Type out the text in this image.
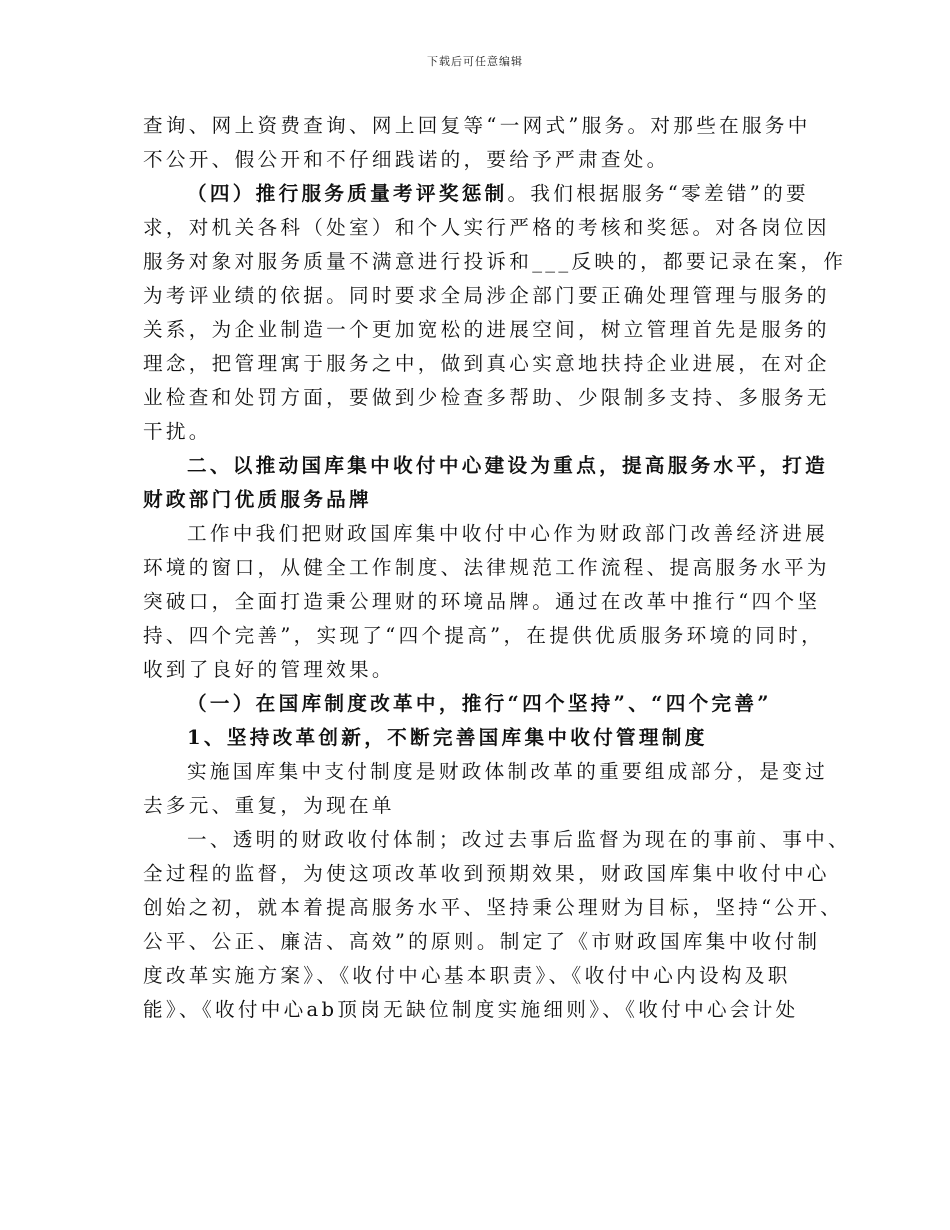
下载后可任意编辑

查询、网上资费查询、网上回复等“一网式”服务。对那些在服务中
不公开、假公开和不仔细践诺的，要给予严肃查处。

（四）推行服务质量考评奖惩制。我们根据服务“零差错”的要
求，对机关各科（处室）和个人实行严格的考核和奖惩。对各岗位因
服务对象对服务质量不满意进行投诉和___反映的，都要记录在案，作
为考评业绩的依据。同时要求全局涉企部门要正确处理管理与服务的
关系，为企业制造一个更加宽松的进展空间，树立管理首先是服务的
理念，把管理寓于服务之中，做到真心实意地扶持企业进展，在对企
业检查和处罚方面，要做到少检查多帮助、少限制多支持、多服务无
干扰。

二、以推动国库集中收付中心建设为重点，提高服务水平，打造
财政部门优质服务品牌

工作中我们把财政国库集中收付中心作为财政部门改善经济进展
环境的窗口，从健全工作制度、法律规范工作流程、提高服务水平为
突破口，全面打造秉公理财的环境品牌。通过在改革中推行“四个坚
持、四个完善”，实现了“四个提高”，在提供优质服务环境的同时，
收到了良好的管理效果。

（一）在国库制度改革中，推行“四个坚持”、“四个完善”

1、坚持改革创新，不断完善国库集中收付管理制度

实施国库集中支付制度是财政体制改革的重要组成部分，是变过
去多元、重复，为现在单

一、透明的财政收付体制；改过去事后监督为现在的事前、事中、
全过程的监督，为使这项改革收到预期效果，财政国库集中收付中心
创始之初，就本着提高服务水平、坚持秉公理财为目标，坚持“公开、
公平、公正、廉洁、高效”的原则。制定了《市财政国库集中收付制
度改革实施方案》、《收付中心基本职责》、《收付中心内设构及职
能》、《收付中心ab顶岗无缺位制度实施细则》、《收付中心会计处
